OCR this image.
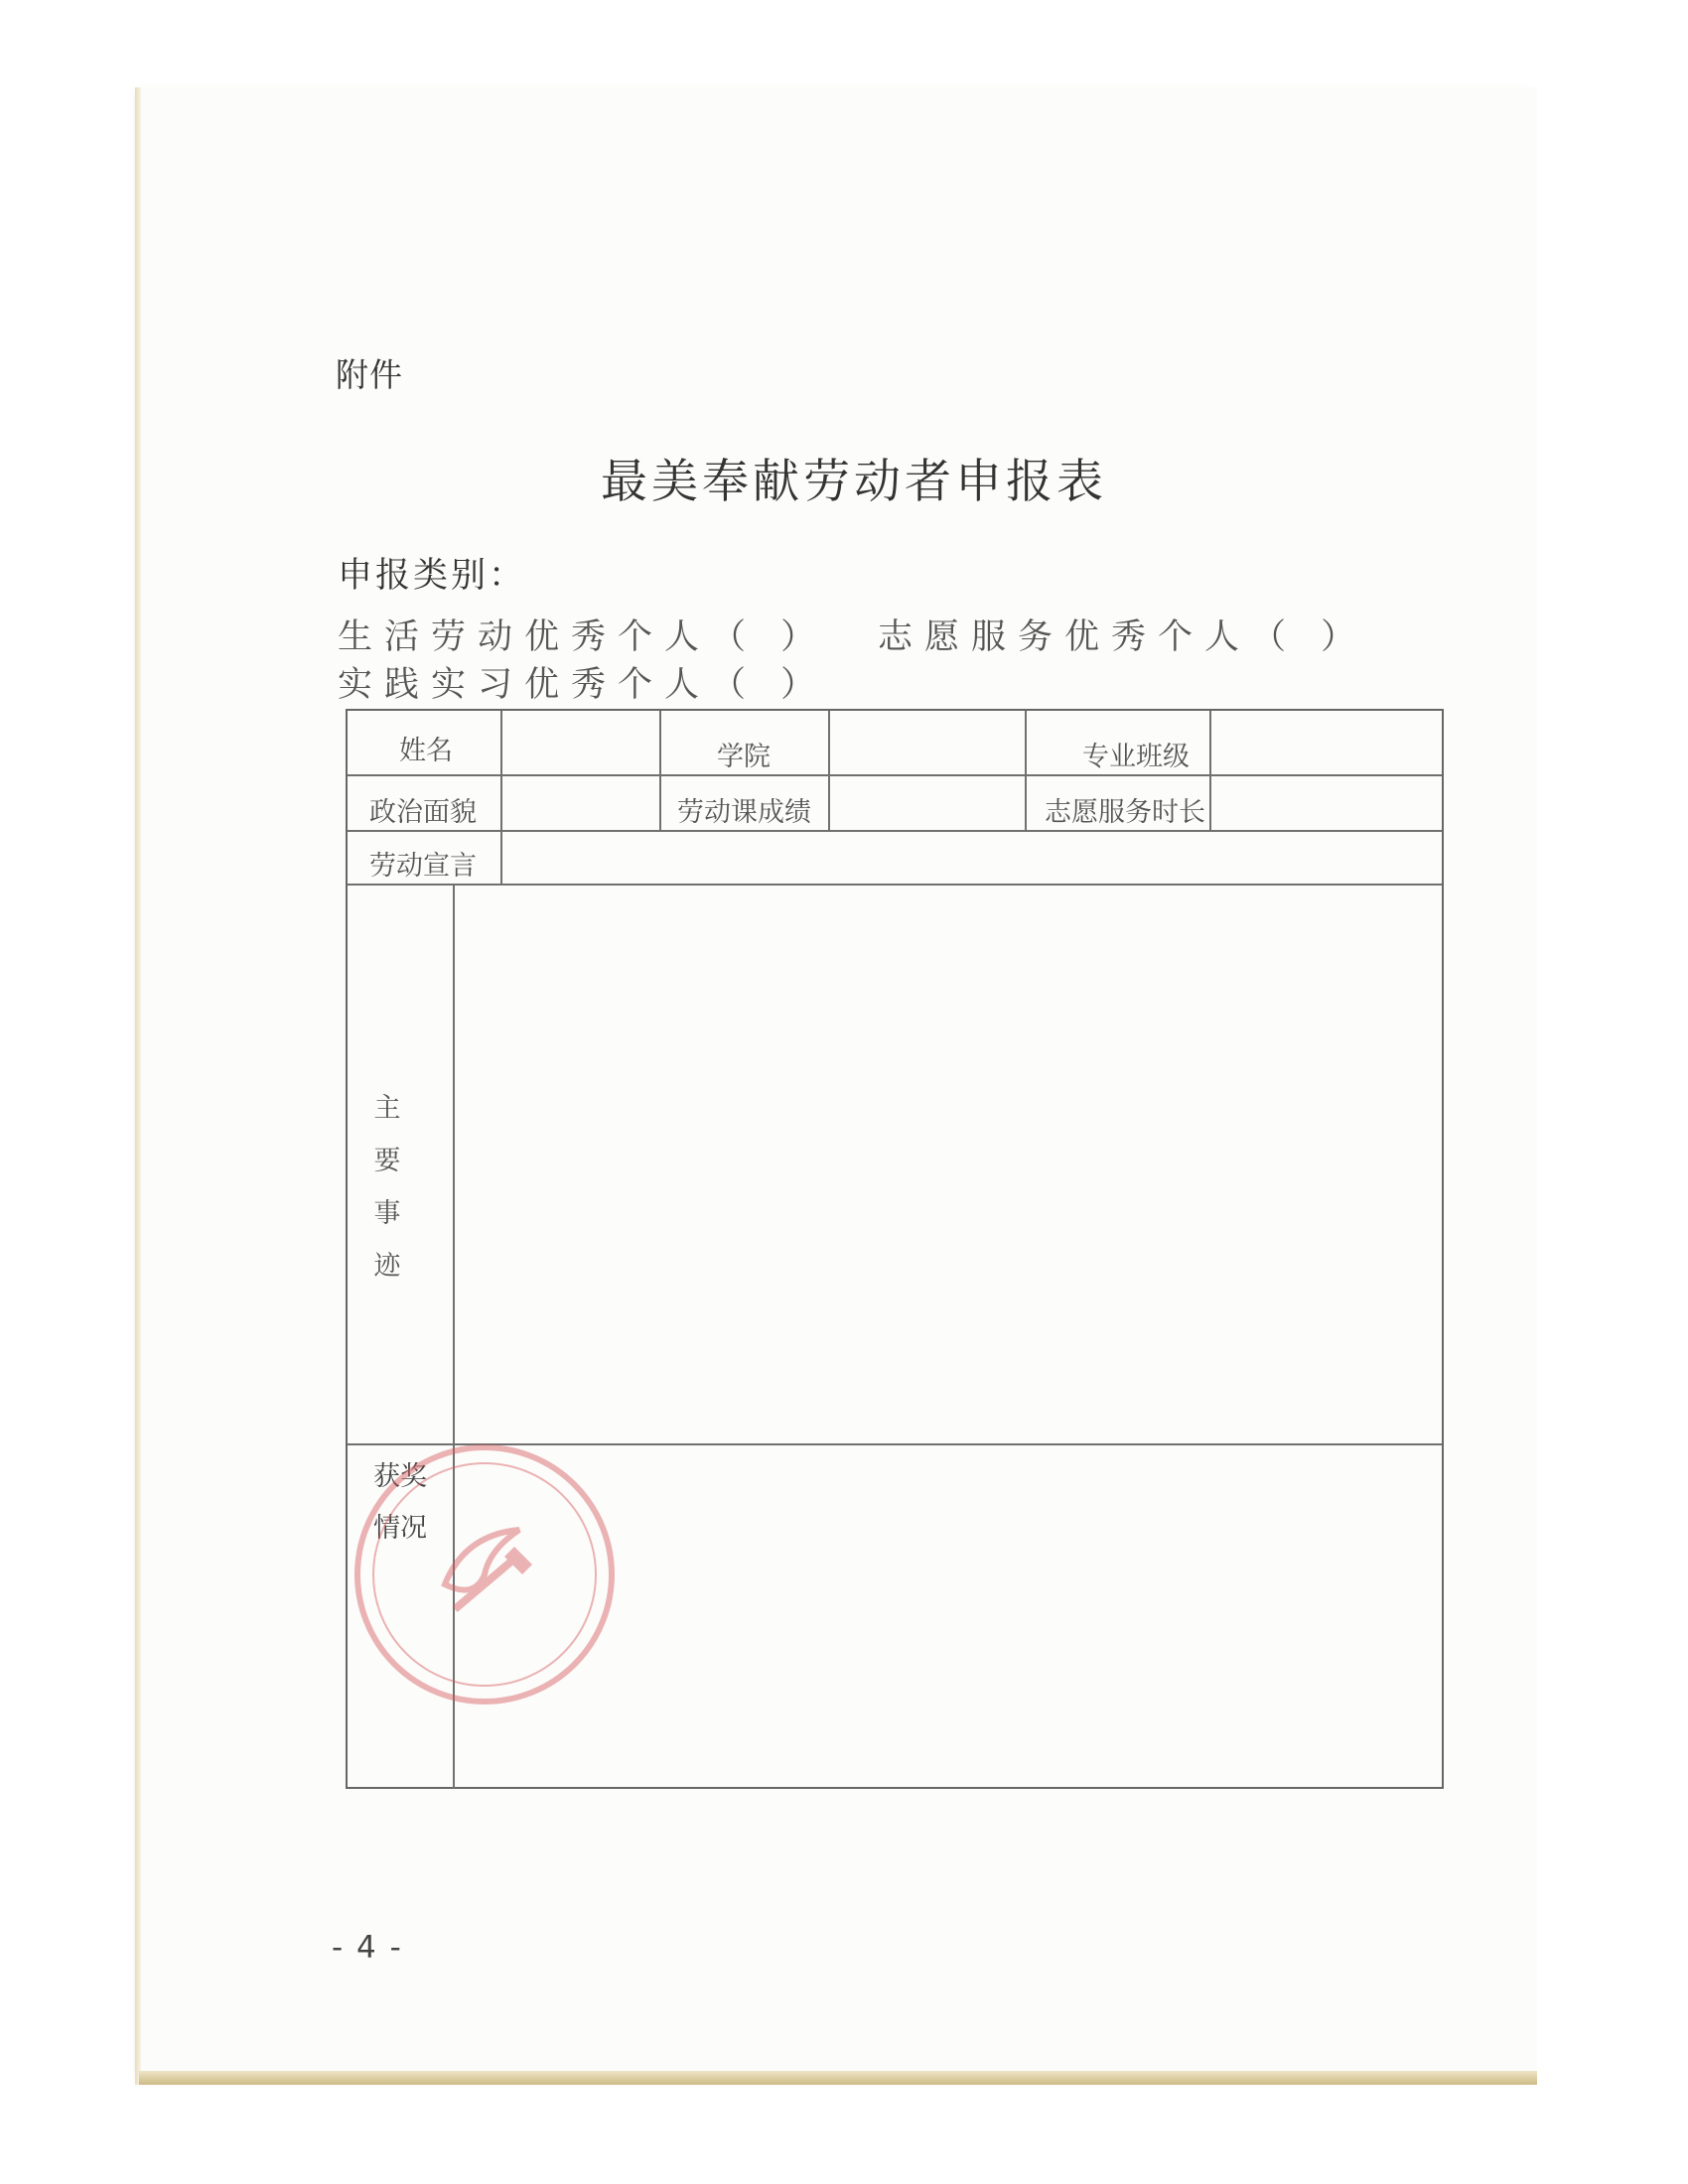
附件
最美奉献劳动者申报表
申报类别：
生活劳动优秀个人（ ） 志愿服务优秀个人（ ）
实践实习优秀个人（ ）
姓名	学院	专业班级
政治面貌	劳动课成绩	志愿服务时长
劳动宣言
主
要
事
迹
获奖
情况
- 4 -
